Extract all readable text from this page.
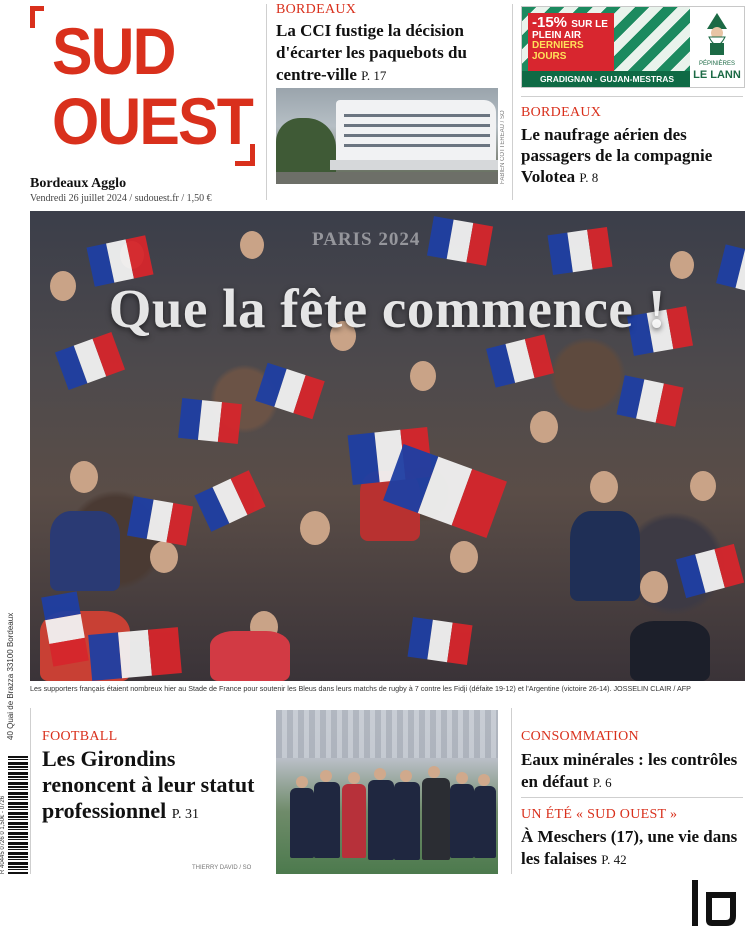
SUD
OUEST
Bordeaux Agglo
Vendredi 26 juillet 2024 / sudouest.fr / 1,50 €
BORDEAUX
La CCI fustige la décision d'écarter les paquebots du centre-ville P. 17
FABIEN COTTEREAU / SO
-15% SUR LE
PLEIN AIR
DERNIERS
JOURS
GRADIGNAN · GUJAN-MESTRAS
PÉPINIÈRES
LE LANN
BORDEAUX
Le naufrage aérien des passagers de la compagnie Volotea P. 8
PARIS 2024
Que la fête commence !
Les supporters français étaient nombreux hier au Stade de France pour soutenir les Bleus dans leurs matchs de rugby à 7 contre les Fidji (défaite 19-12) et l'Argentine (victoire 26-14). JOSSELIN CLAIR / AFP
40 Quai de Brazza 33100 Bordeaux
R 40445 0726 0 1,50€ - 0726
FOOTBALL
Les Girondins renoncent à leur statut professionnel P. 31
THIERRY DAVID / SO
CONSOMMATION
Eaux minérales : les contrôles en défaut P. 6
UN ÉTÉ « SUD OUEST »
À Meschers (17), une vie dans les falaises P. 42
